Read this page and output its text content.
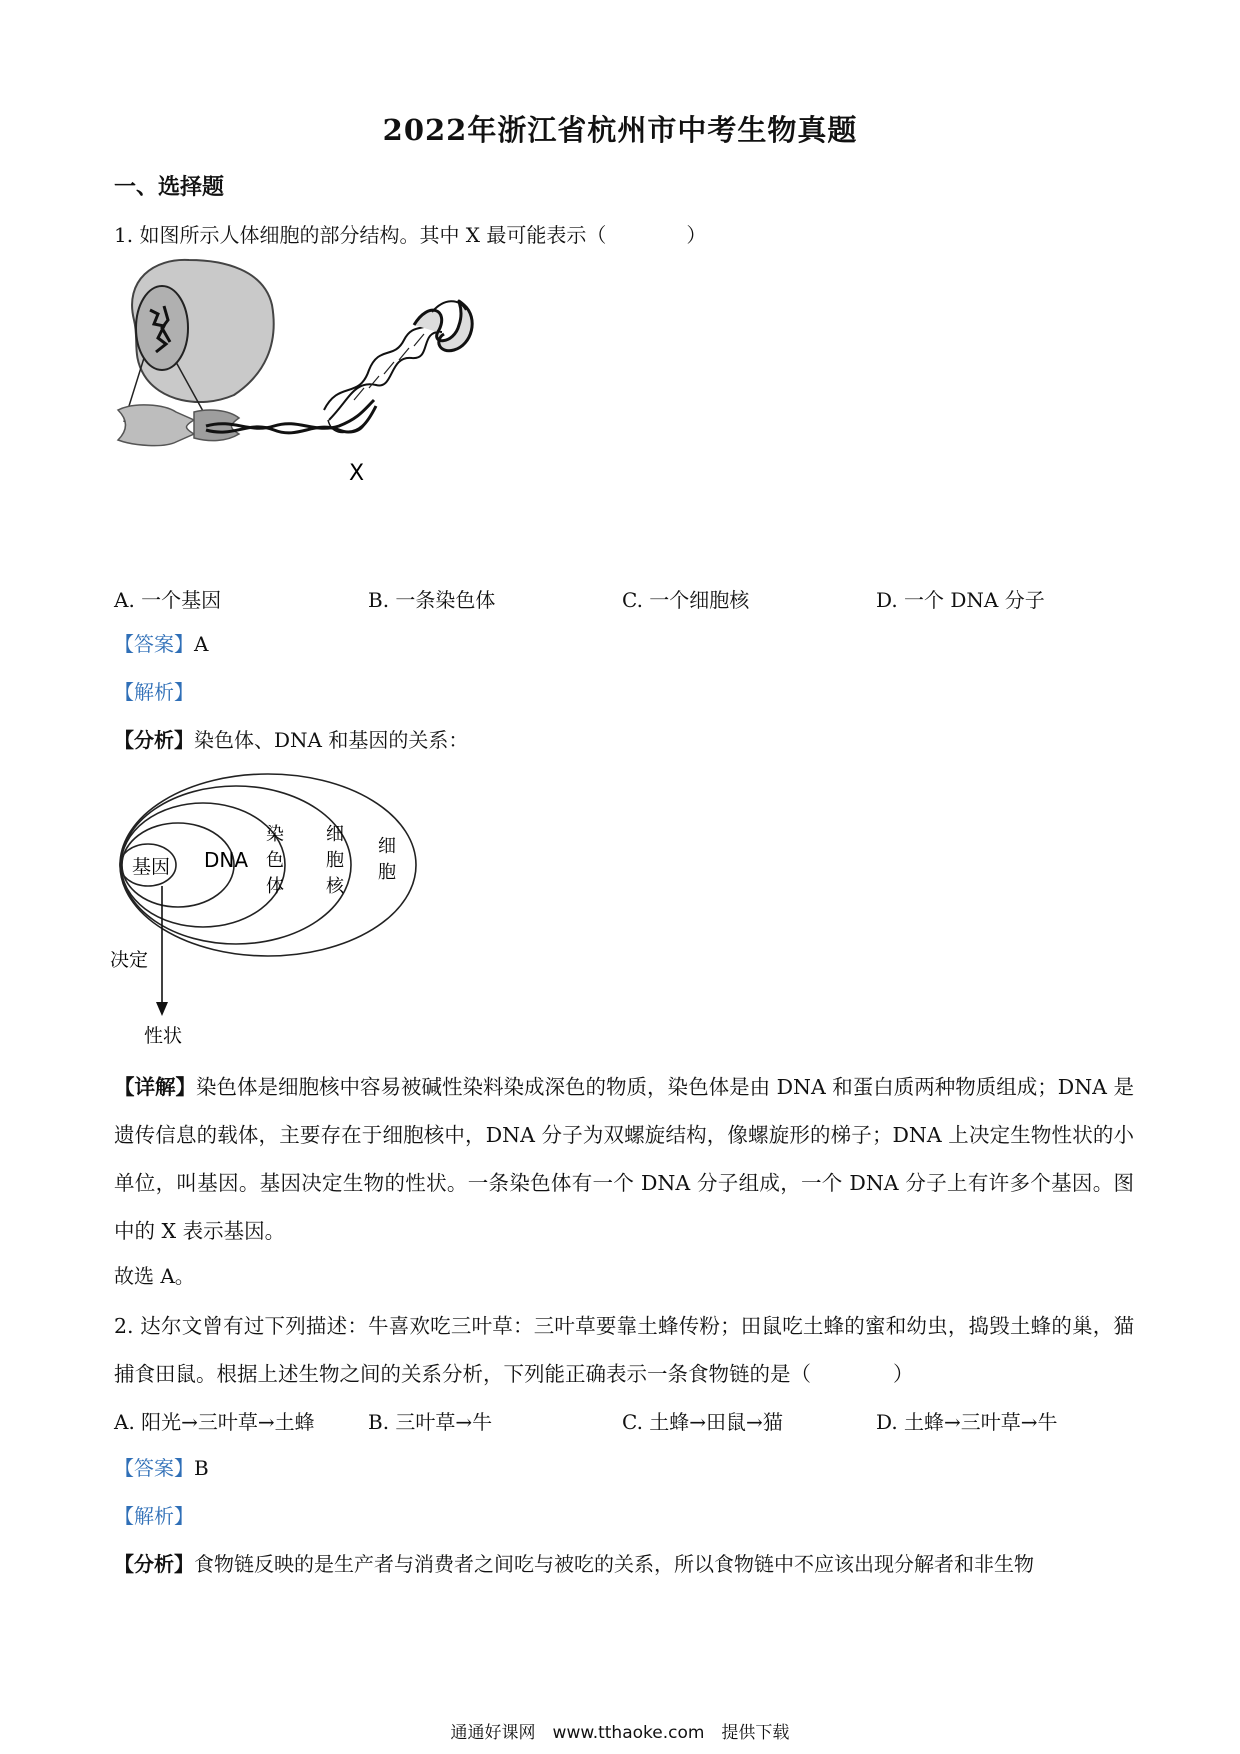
2022年浙江省杭州市中考生物真题
一、选择题
1. 如图所示人体细胞的部分结构。其中 X 最可能表示（　　　　）
X
A. 一个基因	B. 一条染色体	C. 一个细胞核	D. 一个 DNA 分子
【答案】A
【解析】
【分析】染色体、DNA 和基因的关系：
基因 DNA
染
色
体
细
胞
核
细
胞
决定
性状
【详解】染色体是细胞核中容易被碱性染料染成深色的物质，染色体是由 DNA 和蛋白质两种物质组成；DNA 是遗传信息的载体，主要存在于细胞核中，DNA 分子为双螺旋结构，像螺旋形的梯子；DNA 上决定生物性状的小单位，叫基因。基因决定生物的性状。一条染色体有一个 DNA 分子组成，一个 DNA 分子上有许多个基因。图中的 X 表示基因。
故选 A。
2. 达尔文曾有过下列描述：牛喜欢吃三叶草：三叶草要靠土蜂传粉；田鼠吃土蜂的蜜和幼虫，捣毁土蜂的巢，猫捕食田鼠。根据上述生物之间的关系分析，下列能正确表示一条食物链的是（　　　　）
A. 阳光→三叶草→土蜂	B. 三叶草→牛	C. 土蜂→田鼠→猫	D. 土蜂→三叶草→牛
【答案】B
【解析】
【分析】食物链反映的是生产者与消费者之间吃与被吃的关系，所以食物链中不应该出现分解者和非生物
通通好课网　www.tthaoke.com　提供下载
